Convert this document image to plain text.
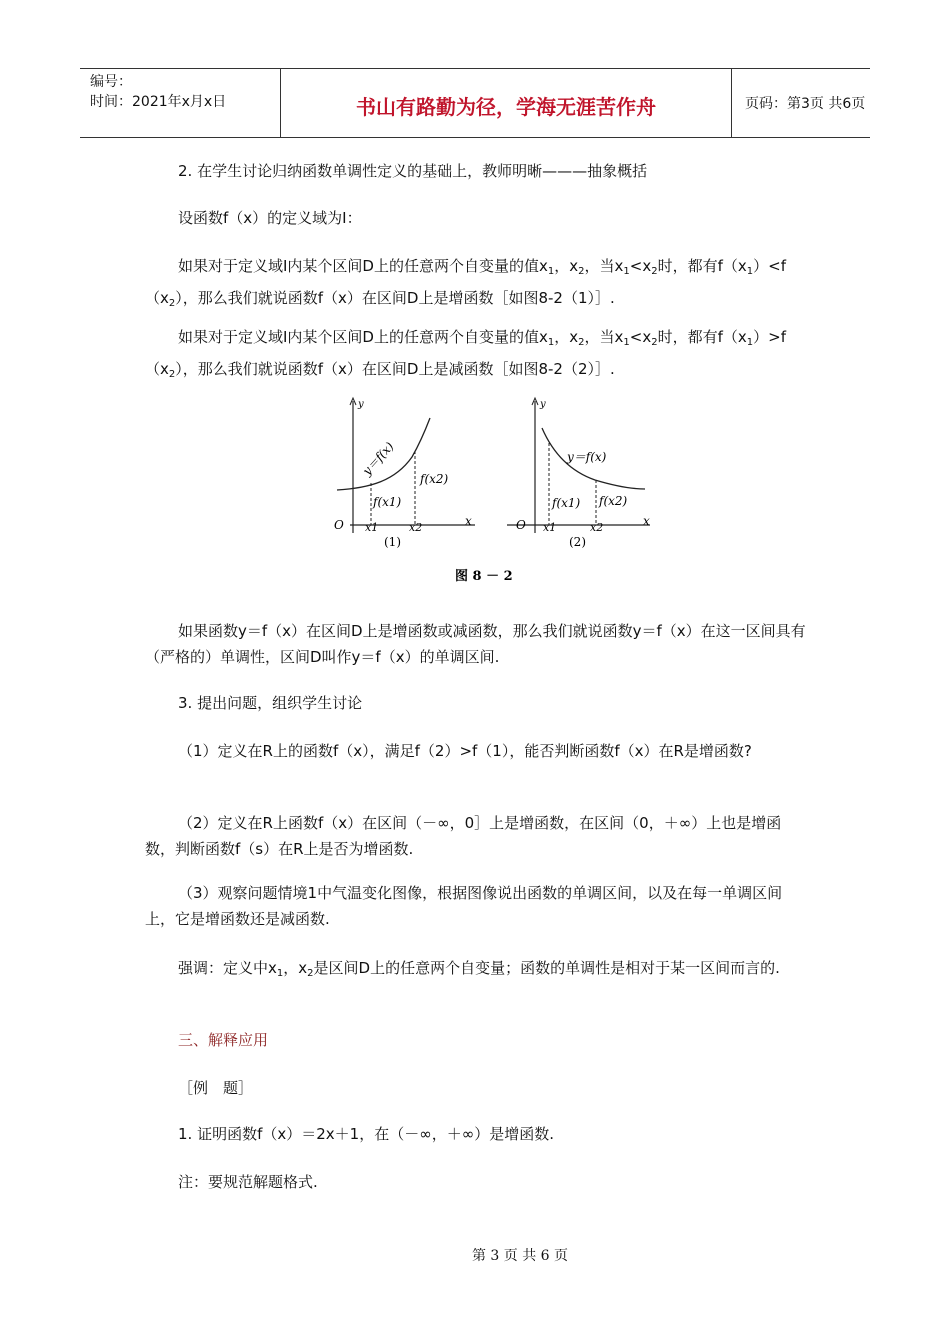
编号：
时间：2021年x月x日	书山有路勤为径，学海无涯苦作舟	页码：第3页 共6页
2. 在学生讨论归纳函数单调性定义的基础上，教师明晰———抽象概括
设函数f（x）的定义域为I：
如果对于定义域I内某个区间D上的任意两个自变量的值$x_1$，$x_2$，当$x_1<x_2$时，都有$f(x_1)<f(x_2)$，那么我们就说函数f（x）在区间D上是增函数［如图8-2（1）］.
如果对于定义域I内某个区间D上的任意两个自变量的值$x_1$，$x_2$，当$x_1<x_2$时，都有$f(x_1)>f(x_2)$，那么我们就说函数f（x）在区间D上是减函数［如图8-2（2）］.
y
x
O
y＝f(x)
f(x1)
f(x2)
x1	x2
(1)
y
x
O
y＝f(x)
f(x1) f(x2)
x1	x2
(2)
图 8 － 2
如果函数y＝f（x）在区间D上是增函数或减函数，那么我们就说函数y＝f（x）在这一区间具有（严格的）单调性，区间D叫作y＝f（x）的单调区间.
3. 提出问题，组织学生讨论
（1）定义在R上的函数f（x），满足f（2）>f（1），能否判断函数f（x）在R是增函数?
（2）定义在R上函数f（x）在区间（－∞，0］上是增函数，在区间（0，＋∞）上也是增函数，判断函数f（s）在R上是否为增函数.
（3）观察问题情境1中气温变化图像，根据图像说出函数的单调区间，以及在每一单调区间上，它是增函数还是减函数.
强调：定义中$x_1$，$x_2$是区间D上的任意两个自变量；函数的单调性是相对于某一区间而言的.
三、解释应用
［例　题］
1. 证明函数f（x）＝2x＋1，在（－∞，＋∞）是增函数.
注：要规范解题格式.
第 3 页 共 6 页
